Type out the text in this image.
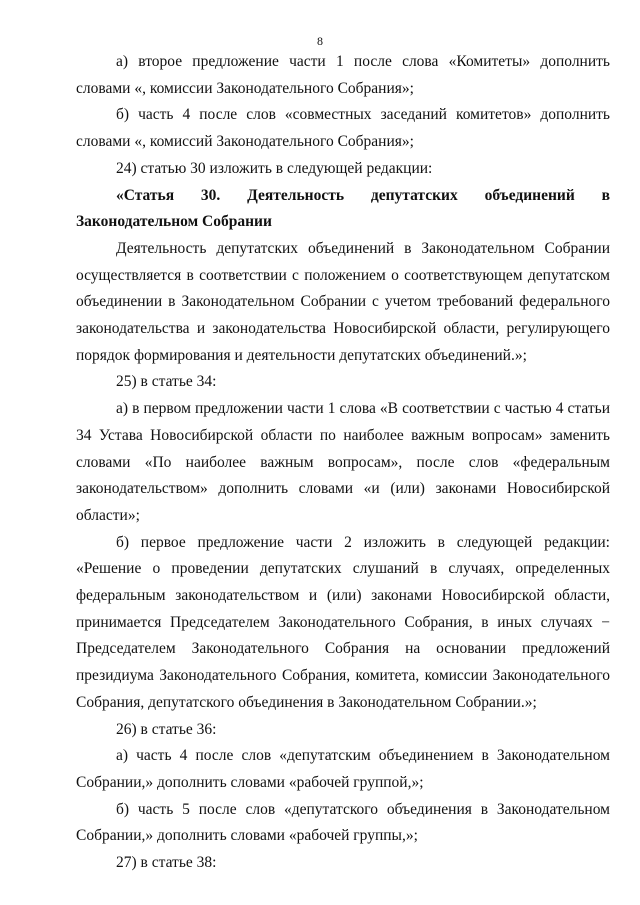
8

а) второе предложение части 1 после слова «Комитеты» дополнить словами «, комиссии Законодательного Собрания»;

б) часть 4 после слов «совместных заседаний комитетов» дополнить словами «, комиссий Законодательного Собрания»;

24) статью 30 изложить в следующей редакции:

«Статья 30. Деятельность депутатских объединений в Законодательном Собрании

Деятельность депутатских объединений в Законодательном Собрании осуществляется в соответствии с положением о соответствующем депутатском объединении в Законодательном Собрании с учетом требований федерального законодательства и законодательства Новосибирской области, регулирующего порядок формирования и деятельности депутатских объединений.»;

25) в статье 34:

а) в первом предложении части 1 слова «В соответствии с частью 4 статьи 34 Устава Новосибирской области по наиболее важным вопросам» заменить словами «По наиболее важным вопросам», после слов «федеральным законодательством» дополнить словами «и (или) законами Новосибирской области»;

б) первое предложение части 2 изложить в следующей редакции: «Решение о проведении депутатских слушаний в случаях, определенных федеральным законодательством и (или) законами Новосибирской области, принимается Председателем Законодательного Собрания, в иных случаях − Председателем Законодательного Собрания на основании предложений президиума Законодательного Собрания, комитета, комиссии Законодательного Собрания, депутатского объединения в Законодательном Собрании.»;

26) в статье 36:

а) часть 4 после слов «депутатским объединением в Законодательном Собрании,» дополнить словами «рабочей группой,»;

б) часть 5 после слов «депутатского объединения в Законодательном Собрании,» дополнить словами «рабочей группы,»;

27) в статье 38:
